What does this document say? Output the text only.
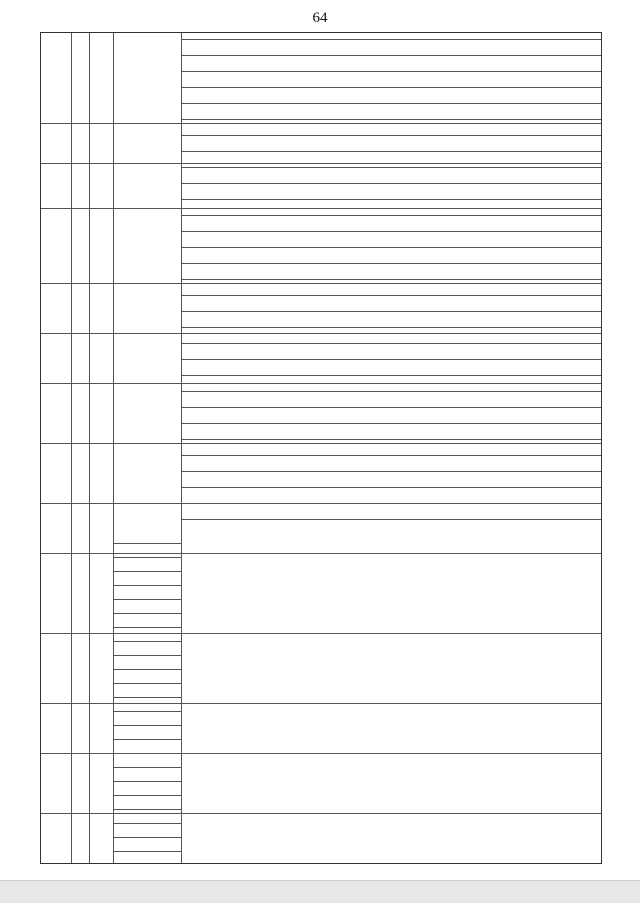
64
